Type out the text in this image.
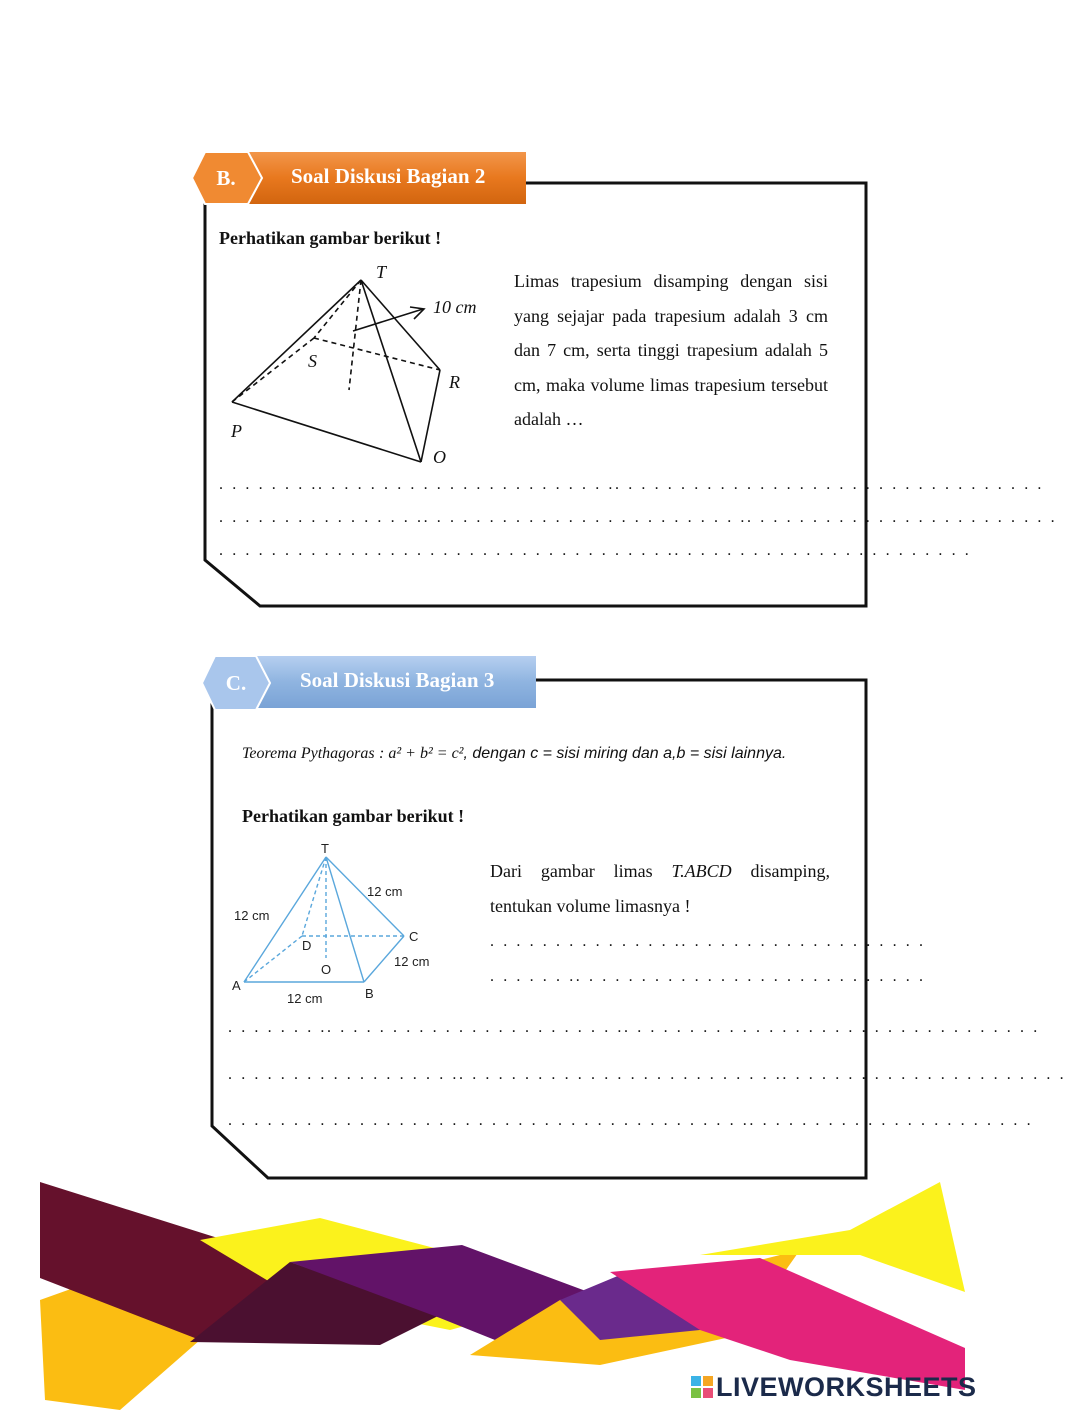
B.	Soal Diskusi Bagian 2
Perhatikan gambar berikut !
T
S
R
P
O
10 cm
Limas trapesium disamping dengan sisi yang sejajar pada trapesium adalah 3 cm dan 7 cm, serta tinggi trapesium adalah 5 cm, maka volume limas trapesium tersebut adalah …
. . . . . . . .. . . . . . . . . . . . . . . . . . . . . . .. . . . . . . . . . . . . . . . . . . . . . . . . . . . . . . . .
. . . . . . . . . . . . . . . .. . . . . . . . . . . . . . . . . . . . . . . . .. . . . . . . . . . . . . . . . . . . . . . . .
. . . . . . . . . . . . . . . . . . . . . . . . . . . . . . . . . . .. . . . . . . . . . . . . . . . . . . . . . .
C.	Soal Diskusi Bagian 3
Teorema Pythagoras : a² + b² = c², dengan c = sisi miring dan a,b = sisi lainnya.
Perhatikan gambar berikut !
T
A
B
C
D
O
12 cm
12 cm
12 cm
12 cm
Dari gambar limas T.ABCD disamping, tentukan volume limasnya !
. . . . . . . . . . . . . . .. . . . . . . . . . . . . . . . . . .
. . . . . . .. . . . . . . . . . . . . . . . . . . . . . . . . . .
. . . . . . . .. . . . . . . . . . . . . . . . . . . . . . .. . . . . . . . . . . . . . . . . . . . . . . . . . . . . . . .
. . . . . . . . . . . . . . . . . .. . . . . . . . . . . . . . . . . . . . . . . . .. . . . . . . . . . . . . . . . . . . . . .
. . . . . . . . . . . . . . . . . . . . . . . . . . . . . . . . . . . . . . . .. . . . . . . . . . . . . . . . . . . . . .
LIVEWORKSHEETS
